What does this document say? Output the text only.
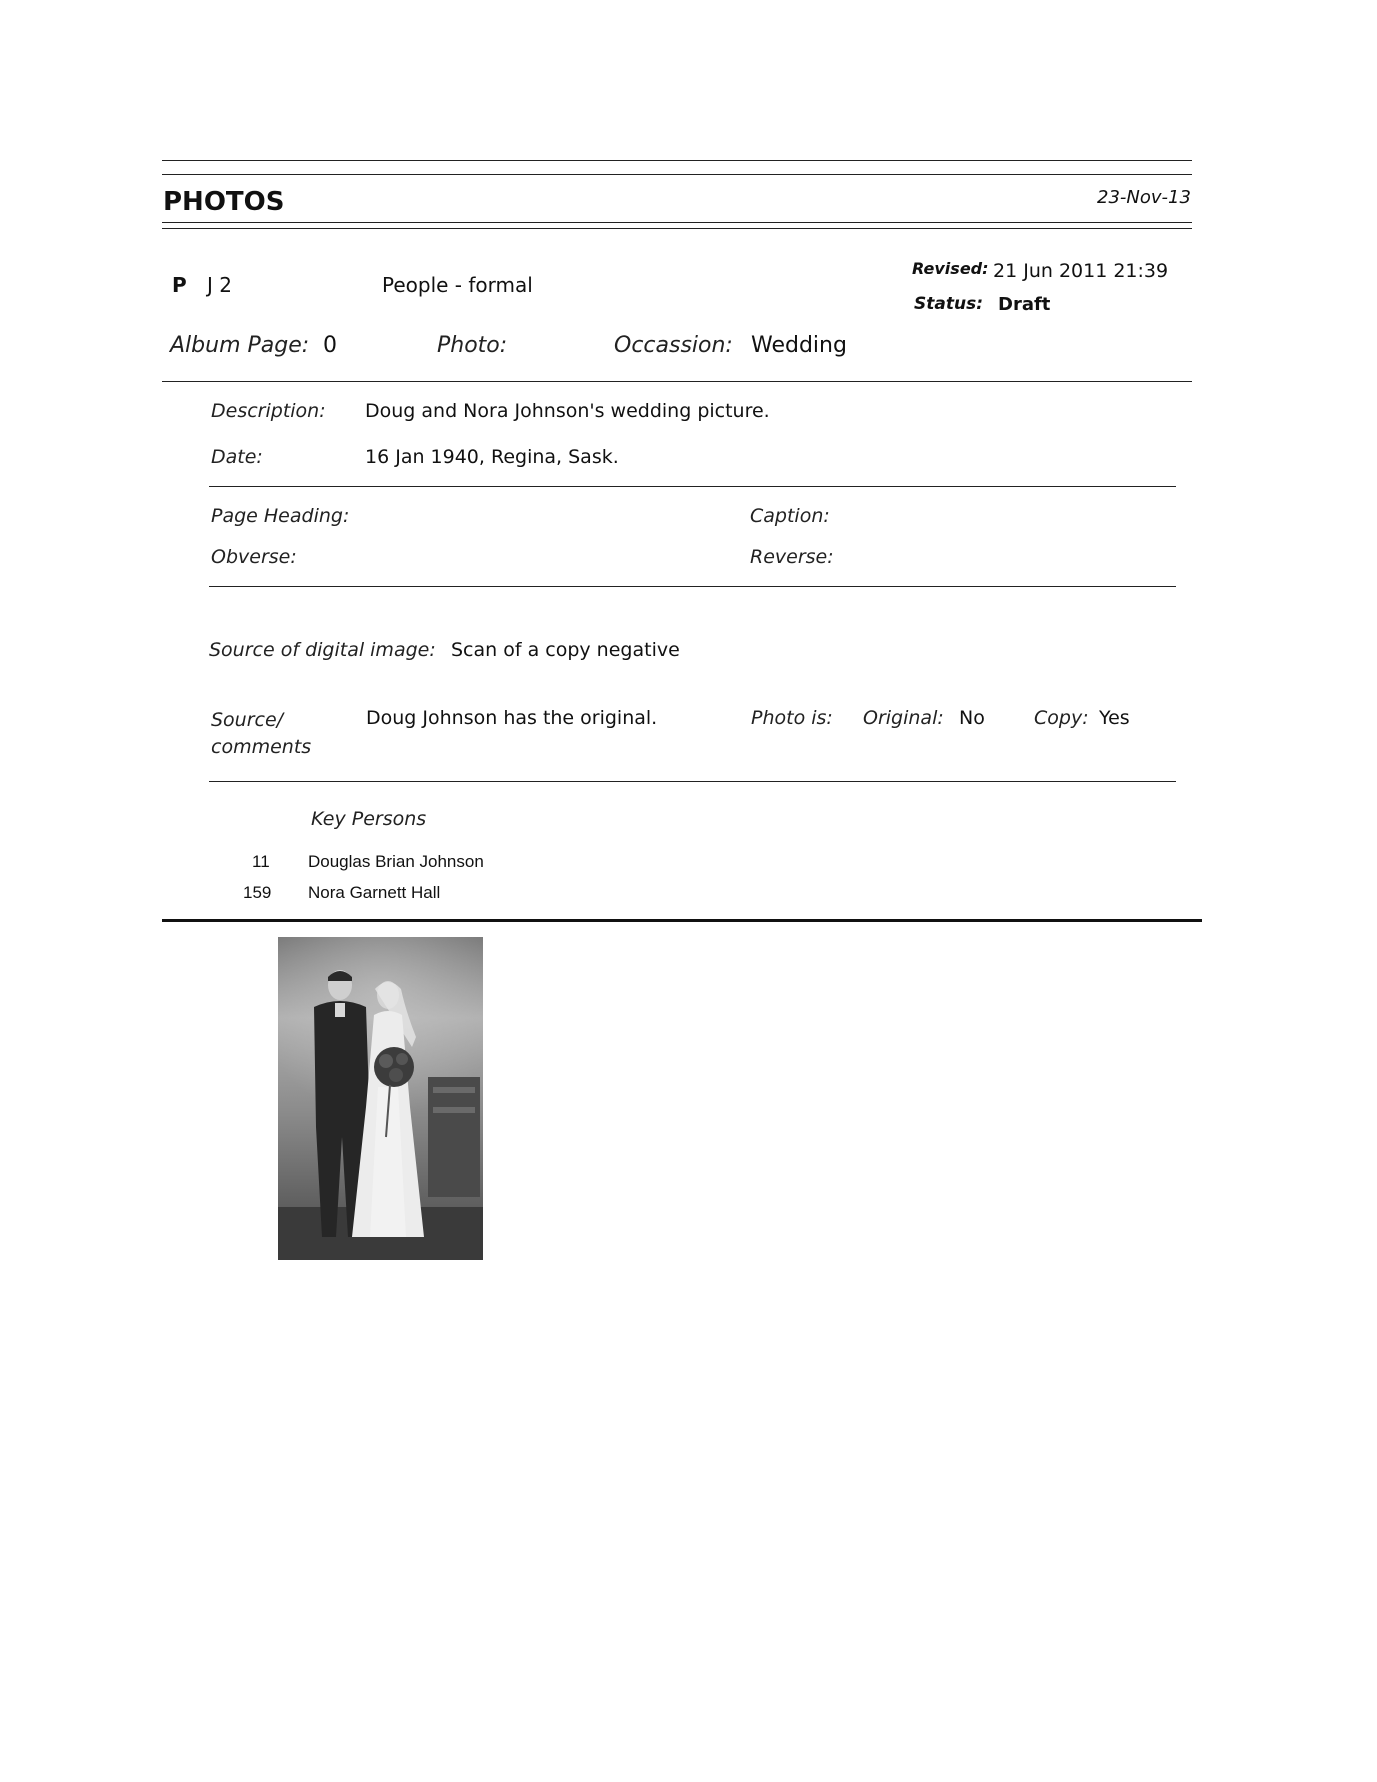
PHOTOS	23-Nov-13
P J 2	People - formal
Revised: 21 Jun 2011 21:39
Status: Draft
Album Page: 0	Photo:	Occassion: Wedding
Description: Doug and Nora Johnson's wedding picture.
Date:	16 Jan 1940, Regina, Sask.
Page Heading:	Caption:
Obverse:	Reverse:
Source of digital image: Scan of a copy negative
Source/
comments
Doug Johnson has the original.	Photo is: Original: No	Copy: Yes
Key Persons
11 Douglas Brian Johnson
159 Nora Garnett Hall
